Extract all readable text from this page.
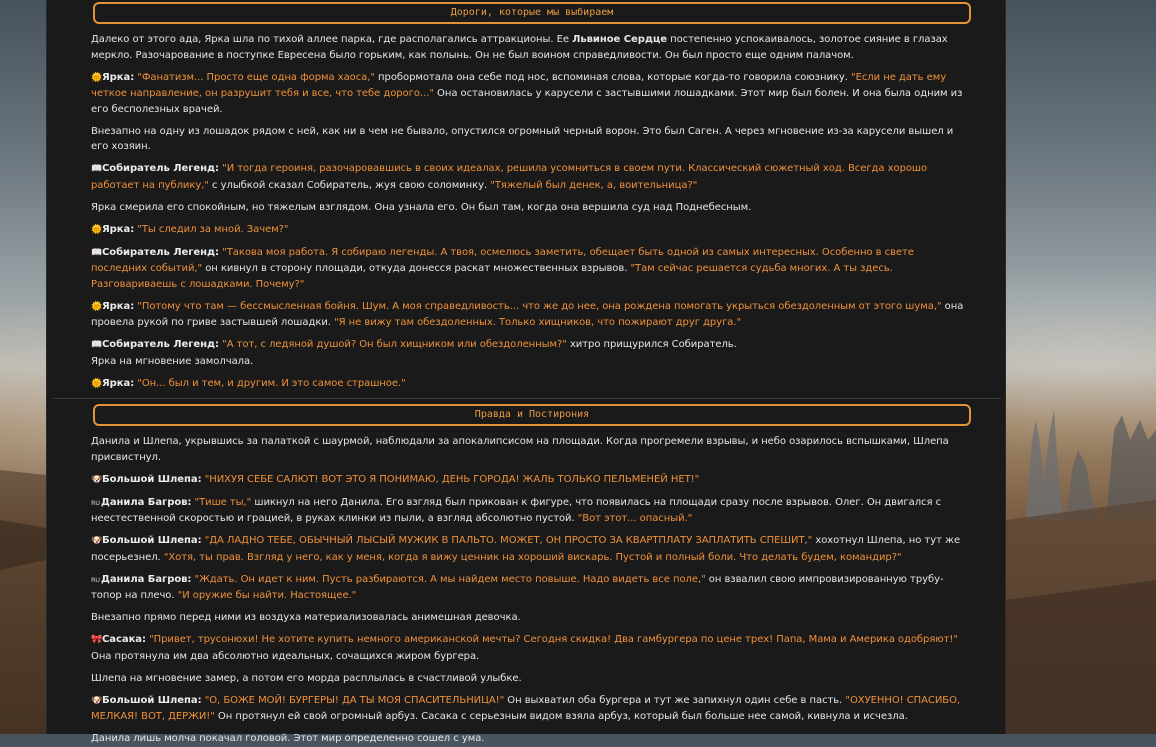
Дороги, которые мы выбираем
Далеко от этого ада, Ярка шла по тихой аллее парка, где располагались аттракционы. Ее Львиное Сердце постепенно успокаивалось, золотое сияние в глазах меркло. Разочарование в поступке Евресена было горьким, как полынь. Он не был воином справедливости. Он был просто еще одним палачом.
🌞Ярка: "Фанатизм... Просто еще одна форма хаоса," пробормотала она себе под нос, вспоминая слова, которые когда-то говорила союзнику. "Если не дать ему четкое направление, он разрушит тебя и все, что тебе дорого..." Она остановилась у карусели с застывшими лошадками. Этот мир был болен. И она была одним из его бесполезных врачей.
Внезапно на одну из лошадок рядом с ней, как ни в чем не бывало, опустился огромный черный ворон. Это был Саген. А через мгновение из-за карусели вышел и его хозяин.
📖Собиратель Легенд: "И тогда героиня, разочаровавшись в своих идеалах, решила усомниться в своем пути. Классический сюжетный ход. Всегда хорошо работает на публику," с улыбкой сказал Собиратель, жуя свою соломинку. "Тяжелый был денек, а, воительница?"
Ярка смерила его спокойным, но тяжелым взглядом. Она узнала его. Он был там, когда она вершила суд над Поднебесным.
🌞Ярка: "Ты следил за мной. Зачем?"
📖Собиратель Легенд: "Такова моя работа. Я собираю легенды. А твоя, осмелюсь заметить, обещает быть одной из самых интересных. Особенно в свете последних событий," он кивнул в сторону площади, откуда донесся раскат множественных взрывов. "Там сейчас решается судьба многих. А ты здесь. Разговариваешь с лошадками. Почему?"
🌞Ярка: "Потому что там — бессмысленная бойня. Шум. А моя справедливость... что же до нее, она рождена помогать укрыться обездоленным от этого шума," она провела рукой по гриве застывшей лошадки. "Я не вижу там обездоленных. Только хищников, что пожирают друг друга."
📖Собиратель Легенд: "А тот, с ледяной душой? Он был хищником или обездоленным?" хитро прищурился Собиратель.
Ярка на мгновение замолчала.
🌞Ярка: "Он... был и тем, и другим. И это самое страшное."
Правда и Постирония
Данила и Шлепа, укрывшись за палаткой с шаурмой, наблюдали за апокалипсисом на площади. Когда прогремели взрывы, и небо озарилось вспышками, Шлепа присвистнул.
🐶Большой Шлепа: "НИХУЯ СЕБЕ САЛЮТ! ВОТ ЭТО Я ПОНИМАЮ, ДЕНЬ ГОРОДА! ЖАЛЬ ТОЛЬКО ПЕЛЬМЕНЕЙ НЕТ!"
RUДанила Багров: "Тише ты," шикнул на него Данила. Его взгляд был прикован к фигуре, что появилась на площади сразу после взрывов. Олег. Он двигался с неестественной скоростью и грацией, в руках клинки из пыли, а взгляд абсолютно пустой. "Вот этот... опасный."
🐶Большой Шлепа: "ДА ЛАДНО ТЕБЕ, ОБЫЧНЫЙ ЛЫСЫЙ МУЖИК В ПАЛЬТО. МОЖЕТ, ОН ПРОСТО ЗА КВАРТПЛАТУ ЗАПЛАТИТЬ СПЕШИТ," хохотнул Шлепа, но тут же посерьезнел. "Хотя, ты прав. Взгляд у него, как у меня, когда я вижу ценник на хороший вискарь. Пустой и полный боли. Что делать будем, командир?"
RUДанила Багров: "Ждать. Он идет к ним. Пусть разбираются. А мы найдем место повыше. Надо видеть все поле," он взвалил свою импровизированную трубу-топор на плечо. "И оружие бы найти. Настоящее."
Внезапно прямо перед ними из воздуха материализовалась анимешная девочка.
🎀Сасака: "Привет, трусонюхи! Не хотите купить немного американской мечты? Сегодня скидка! Два гамбургера по цене трех! Папа, Мама и Америка одобряют!" Она протянула им два абсолютно идеальных, сочащихся жиром бургера.
Шлепа на мгновение замер, а потом его морда расплылась в счастливой улыбке.
🐶Большой Шлепа: "О, БОЖЕ МОЙ! БУРГЕРЫ! ДА ТЫ МОЯ СПАСИТЕЛЬНИЦА!" Он выхватил оба бургера и тут же запихнул один себе в пасть. "ОХУЕННО! СПАСИБО, МЕЛКАЯ! ВОТ, ДЕРЖИ!" Он протянул ей свой огромный арбуз. Сасака с серьезным видом взяла арбуз, который был больше нее самой, кивнула и исчезла.
Данила лишь молча покачал головой. Этот мир определенно сошел с ума.
